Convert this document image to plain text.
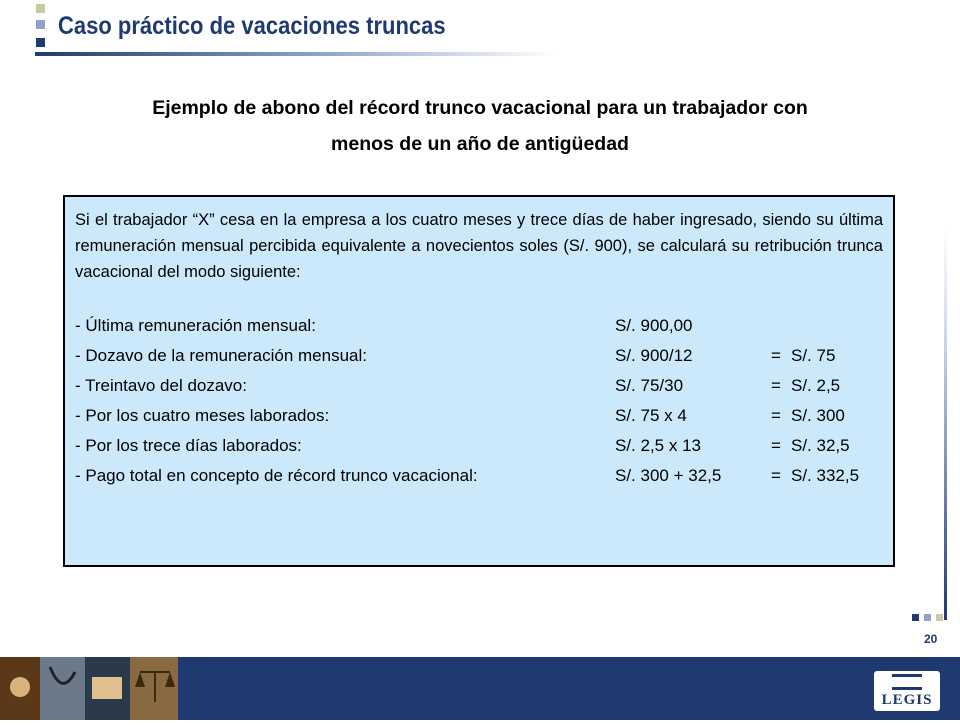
Caso práctico de vacaciones truncas
Ejemplo de abono del récord trunco vacacional para un trabajador con
menos de un año de antigüedad

Si el trabajador “X” cesa en la empresa a los cuatro meses y trece días de haber ingresado, siendo su última remuneración mensual percibida equivalente a novecientos soles (S/. 900), se calculará su retribución trunca vacacional del modo siguiente:

- Última remuneración mensual:	S/. 900,00
- Dozavo de la remuneración mensual:	S/. 900/12	= S/. 75
- Treintavo del dozavo:	S/. 75/30	= S/. 2,5
- Por los cuatro meses laborados:	S/. 75 x 4	= S/. 300
- Por los trece días laborados:	S/. 2,5 x 13	= S/. 32,5
- Pago total en concepto de récord trunco vacacional:	S/. 300 + 32,5	= S/. 332,5
20
LEGIS
